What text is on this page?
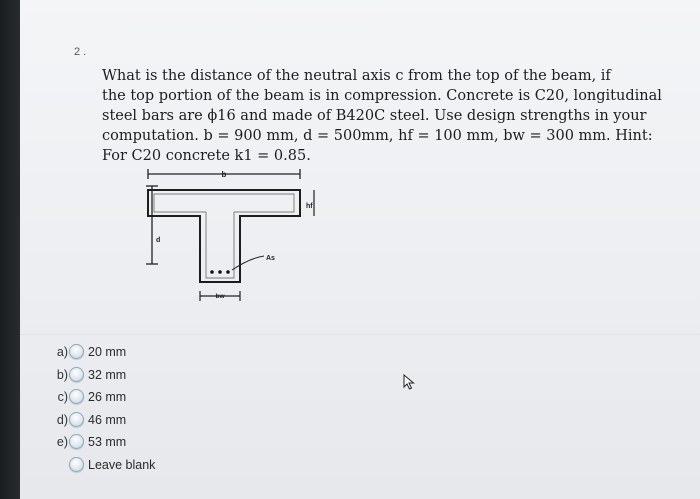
2 .

What is the distance of the neutral axis c from the top of the beam, if

the top portion of the beam is in compression. Concrete is C20, longitudinal

steel bars are ϕ16 and made of B420C steel. Use design strengths in your

computation. b = 900 mm, d = 500mm, hf = 100 mm, bw = 300 mm. Hint:

For C20 concrete k1 = 0.85.

b
d
hf
As
bw
a) 20 mm
b) 32 mm
c) 26 mm
d) 46 mm
e) 53 mm
Leave blank
